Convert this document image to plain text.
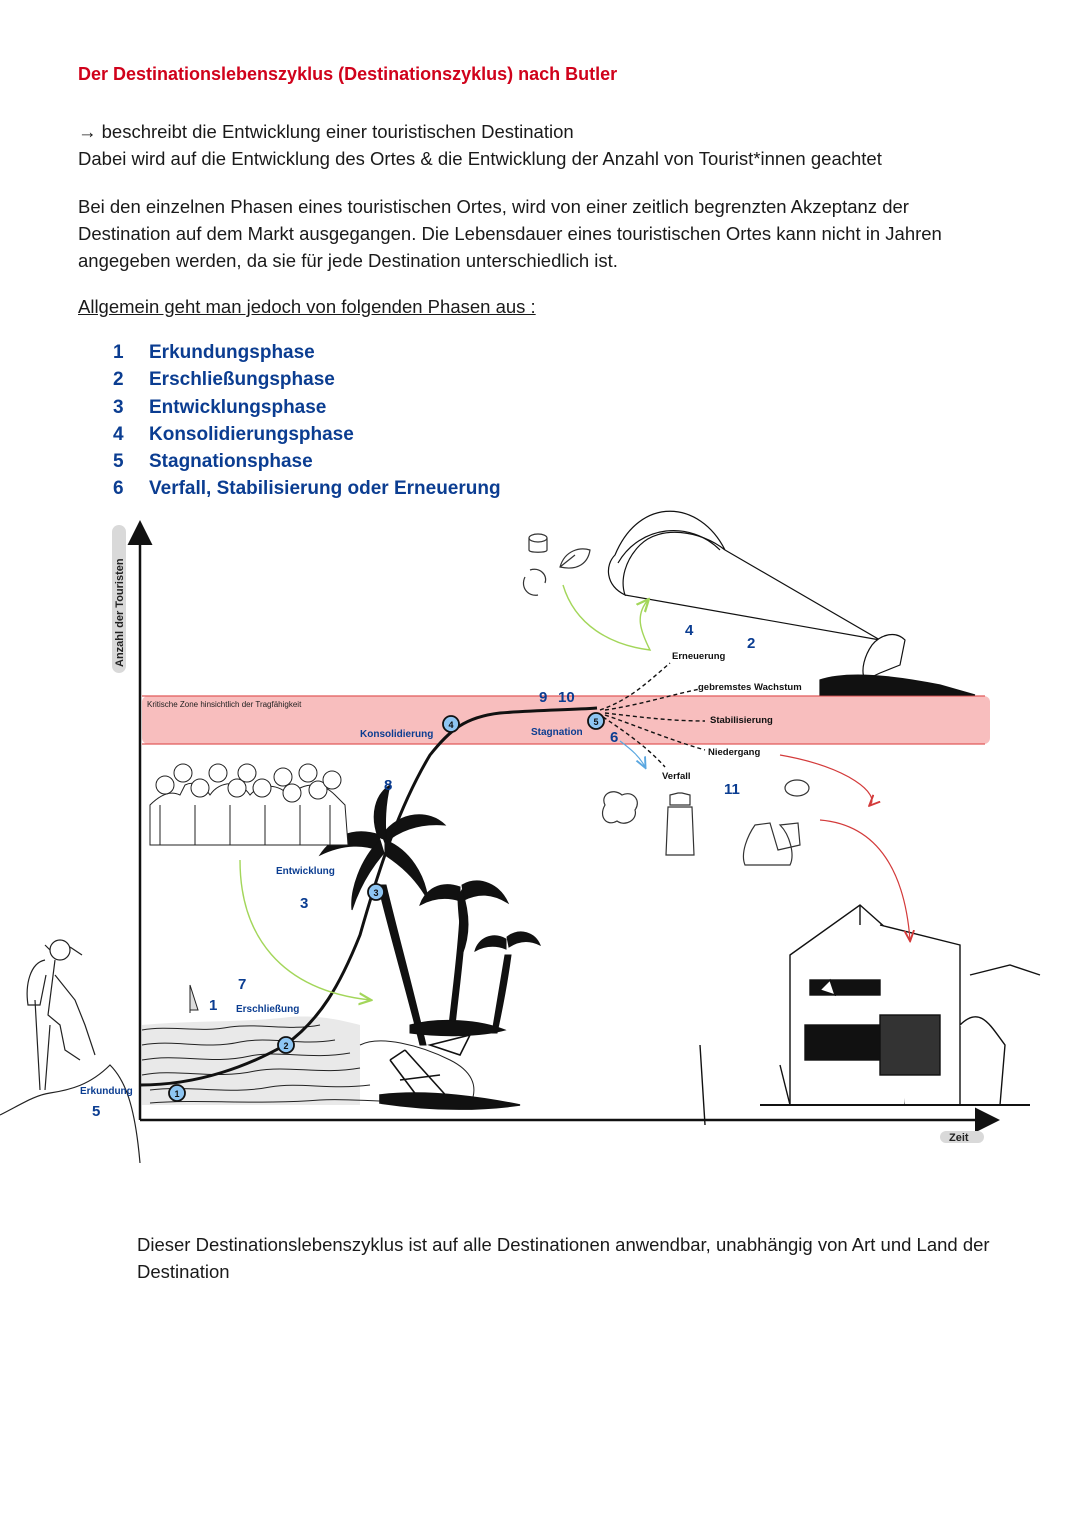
Der Destinationslebenszyklus (Destinationszyklus) nach Butler

→ beschreibt die Entwicklung einer touristischen Destination
Dabei wird auf die Entwicklung des Ortes & die Entwicklung der Anzahl von Tourist*innen geachtet

Bei den einzelnen Phasen eines touristischen Ortes, wird von einer zeitlich begrenzten Akzeptanz der Destination auf dem Markt ausgegangen. Die Lebensdauer eines touristischen Ortes kann nicht in Jahren angegeben werden, da sie für jede Destination unterschiedlich ist.

Allgemein geht man jedoch von folgenden Phasen aus :

1	Erkundungsphase
2	Erschließungsphase
3	Entwicklungsphase
4	Konsolidierungsphase
5	Stagnationsphase
6	Verfall, Stabilisierung oder Erneuerung
Kritische Zone hinsichtlich der Tragfähigkeit
Anzahl der Touristen
Zeit
1
2
3
4	5
Erkundung
Erschließung
Entwicklung
Konsolidierung	Stagnation
Erneuerung
gebremstes Wachstum
Stabilisierung
Niedergang
Verfall
5
1
7
3
8
9 10
6
4
2
11

Dieser Destinationslebenszyklus ist auf alle Destinationen anwendbar, unabhängig von Art und Land der Destination
